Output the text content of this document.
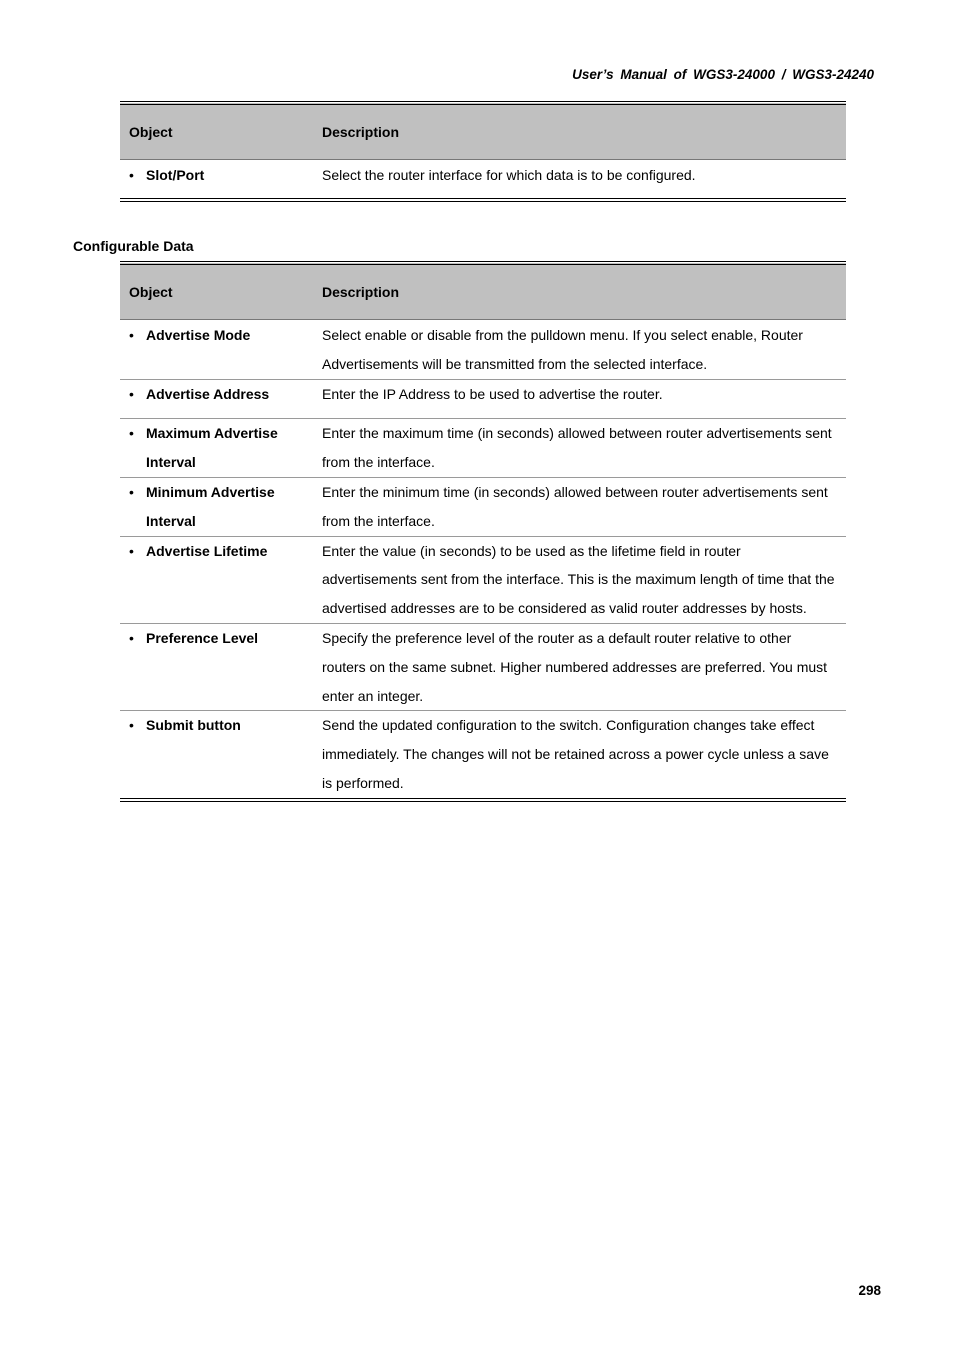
User’s Manual of WGS3-24000 / WGS3-24240
Object	Description

• Slot/Port	Select the router interface for which data is to be configured.
Configurable Data
Object	Description

• Advertise Mode	Select enable or disable from the pulldown menu. If you select enable, Router Advertisements will be transmitted from the selected interface.

• Advertise Address	Enter the IP Address to be used to advertise the router.

• Maximum Advertise Interval	Enter the maximum time (in seconds) allowed between router advertisements sent from the interface.

• Minimum Advertise Interval	Enter the minimum time (in seconds) allowed between router advertisements sent from the interface.

• Advertise Lifetime	Enter the value (in seconds) to be used as the lifetime field in router advertisements sent from the interface. This is the maximum length of time that the advertised addresses are to be considered as valid router addresses by hosts.

• Preference Level	Specify the preference level of the router as a default router relative to other routers on the same subnet. Higher numbered addresses are preferred. You must enter an integer.

• Submit button	Send the updated configuration to the switch. Configuration changes take effect immediately. The changes will not be retained across a power cycle unless a save is performed.
298
